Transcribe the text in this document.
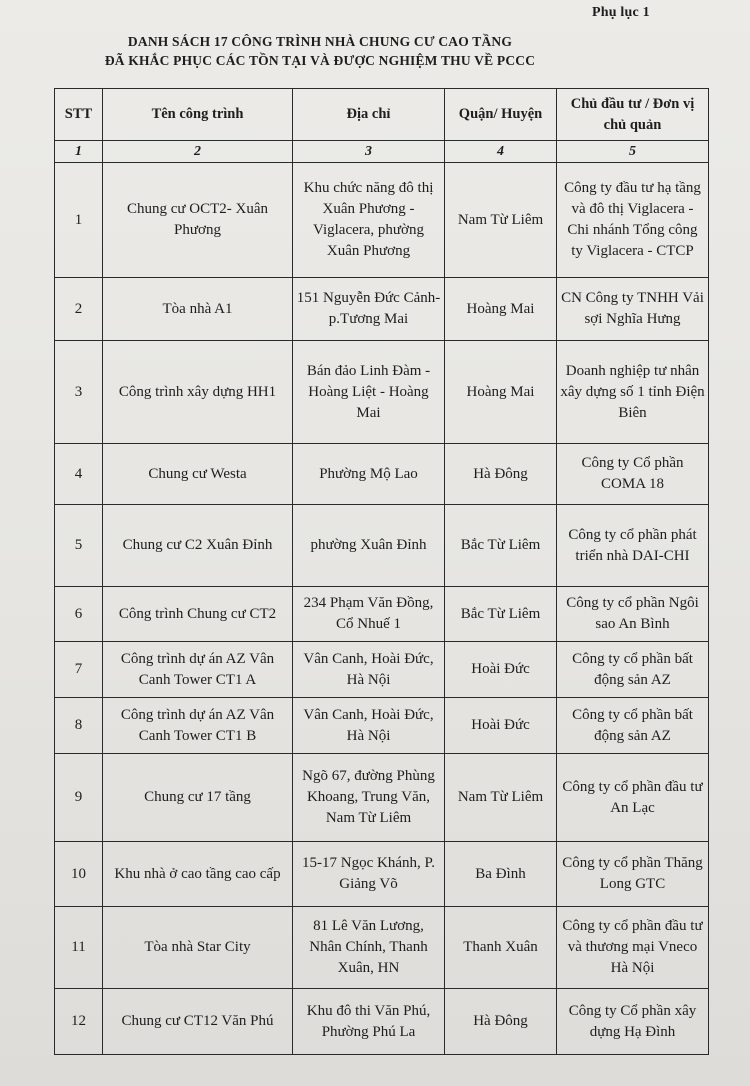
Phụ lục 1
DANH SÁCH 17 CÔNG TRÌNH NHÀ CHUNG CƯ CAO TẦNG
ĐÃ KHẮC PHỤC CÁC TỒN TẠI VÀ ĐƯỢC NGHIỆM THU VỀ PCCC
STT	Tên công trình	Địa chỉ	Quận/ Huyện	Chủ đầu tư / Đơn vị chủ quản
1	2	3	4	5
1	Chung cư OCT2- Xuân Phương	Khu chức năng đô thị Xuân Phương - Viglacera, phường Xuân Phương	Nam Từ Liêm	Công ty đầu tư hạ tầng và đô thị Viglacera - Chi nhánh Tổng công ty Viglacera - CTCP
2	Tòa nhà A1	151 Nguyễn Đức Cảnh- p.Tương Mai	Hoàng Mai	CN Công ty TNHH Vải sợi Nghĩa Hưng
3	Công trình xây dựng HH1	Bán đảo Linh Đàm - Hoàng Liệt - Hoàng Mai	Hoàng Mai	Doanh nghiệp tư nhân xây dựng số 1 tỉnh Điện Biên
4	Chung cư Westa	Phường Mộ Lao	Hà Đông	Công ty Cổ phần COMA 18
5	Chung cư C2 Xuân Đỉnh	phường Xuân Đỉnh	Bắc Từ Liêm	Công ty cổ phần phát triển nhà DAI-CHI
6	Công trình Chung cư CT2	234 Phạm Văn Đồng, Cổ Nhuế 1	Bắc Từ Liêm	Công ty cổ phần Ngôi sao An Bình
7	Công trình dự án AZ Vân Canh Tower CT1 A	Vân Canh, Hoài Đức, Hà Nội	Hoài Đức	Công ty cổ phần bất động sản AZ
8	Công trình dự án AZ Vân Canh Tower CT1 B	Vân Canh, Hoài Đức, Hà Nội	Hoài Đức	Công ty cổ phần bất động sản AZ
9	Chung cư 17 tầng	Ngõ 67, đường Phùng Khoang, Trung Văn, Nam Từ Liêm	Nam Từ Liêm	Công ty cổ phần đầu tư An Lạc
10	Khu nhà ở cao tầng cao cấp	15-17 Ngọc Khánh, P. Giảng Võ	Ba Đình	Công ty cổ phần Thăng Long GTC
11	Tòa nhà Star City	81 Lê Văn Lương, Nhân Chính, Thanh Xuân, HN	Thanh Xuân	Công ty cổ phần đầu tư và thương mại Vneco Hà Nội
12	Chung cư CT12 Văn Phú	Khu đô thi Văn Phú, Phường Phú La	Hà Đông	Công ty Cổ phần xây dựng Hạ Đình
